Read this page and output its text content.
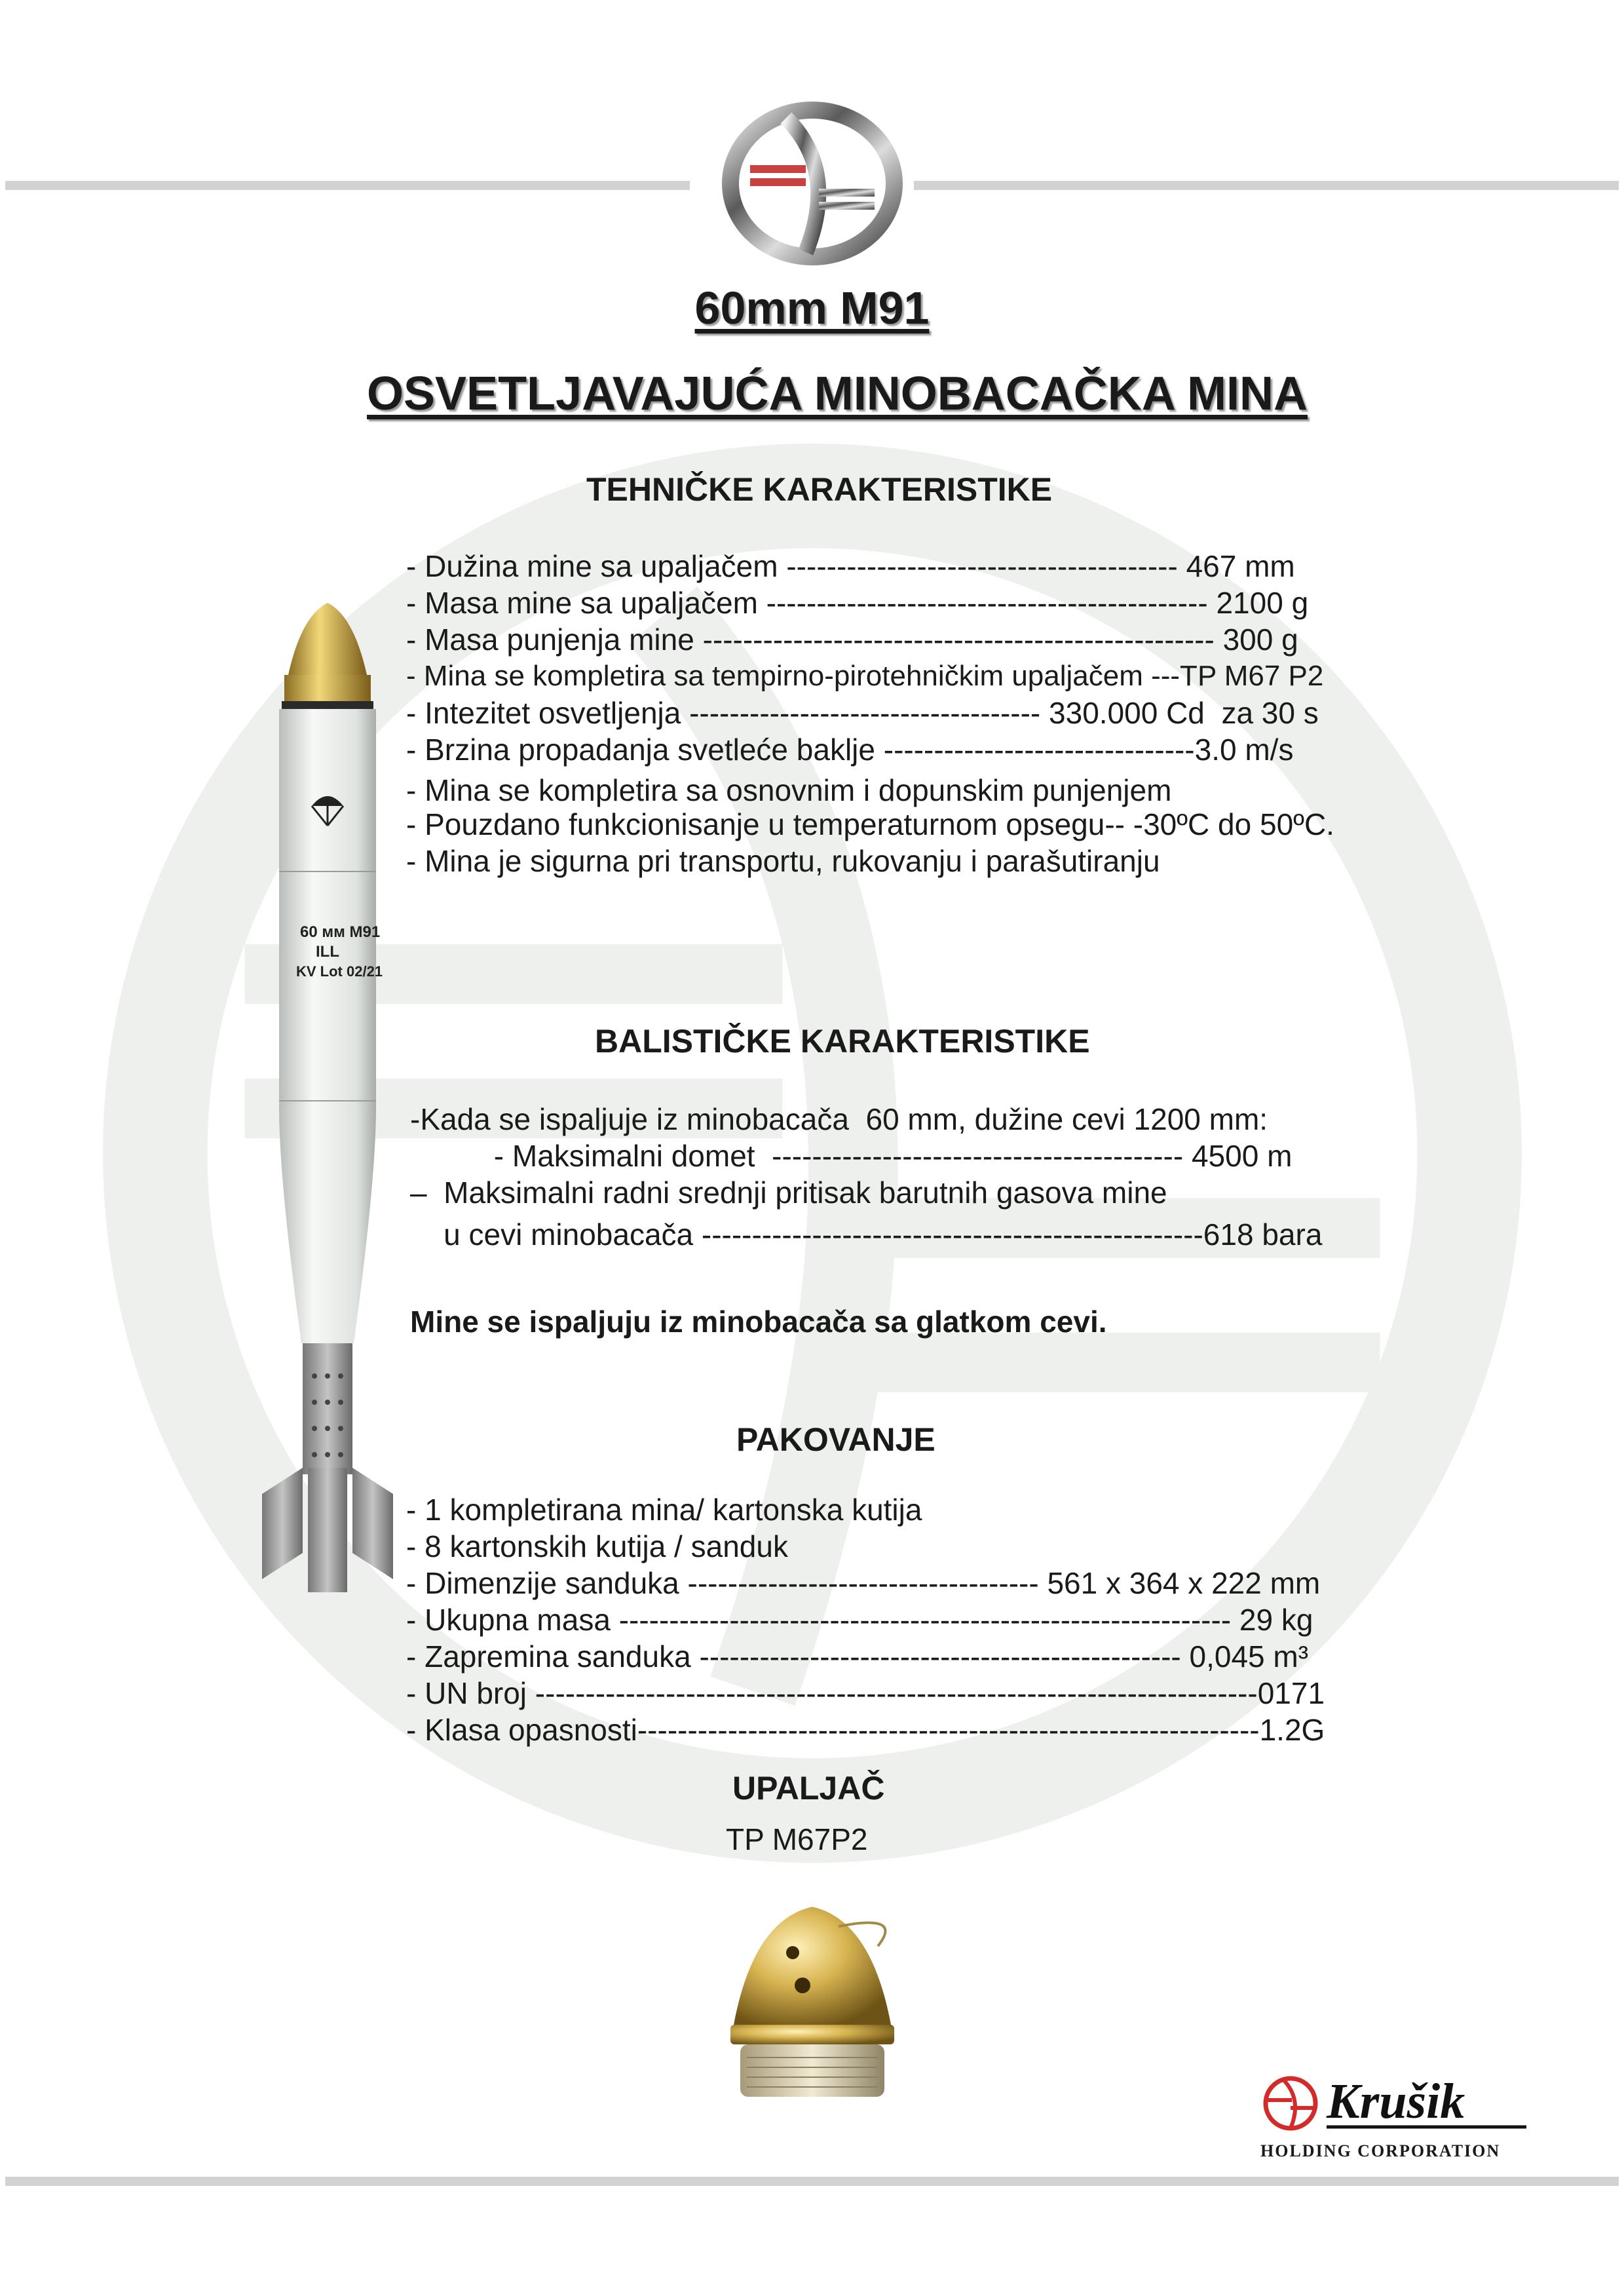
60mm M91
OSVETLJAVAJUĆA MINOBACAČKA MINA
TEHNIČKE KARAKTERISTIKE
- Dužina mine sa upaljačem --------------------------------------- 467 mm
- Masa mine sa upaljačem -------------------------------------------- 2100 g
- Masa punjenja mine --------------------------------------------------- 300 g
- Mina se kompletira sa tempirno-pirotehničkim upaljačem ---TP M67 P2
- Intezitet osvetljenja ----------------------------------- 330.000 Cd  za 30 s
- Brzina propadanja svetleće baklje -------------------------------3.0 m/s
- Mina se kompletira sa osnovnim i dopunskim punjenjem
- Pouzdano funkcionisanje u temperaturnom opsegu-- -30ºC do 50ºC.
- Mina je sigurna pri transportu, rukovanju i parašutiranju
BALISTIČKE KARAKTERISTIKE
-Kada se ispaljuje iz minobacača  60 mm, dužine cevi 1200 mm:
- Maksimalni domet  ----------------------------------------- 4500 m
–  Maksimalni radni srednji pritisak barutnih gasova mine
u cevi minobacača --------------------------------------------------618 bara
Mine se ispaljuju iz minobacača sa glatkom cevi.
PAKOVANJE
- 1 kompletirana mina/ kartonska kutija
- 8 kartonskih kutija / sanduk
- Dimenzije sanduka ----------------------------------- 561 x 364 x 222 mm
- Ukupna masa ------------------------------------------------------------- 29 kg
- Zapremina sanduka ------------------------------------------------ 0,045 m³
- UN broj ------------------------------------------------------------------------0171
- Klasa opasnosti--------------------------------------------------------------1.2G
UPALJAČ
TP M67P2
60 мм M91
ILL
KV Lot 02/21
Krušik
HOLDING CORPORATION
